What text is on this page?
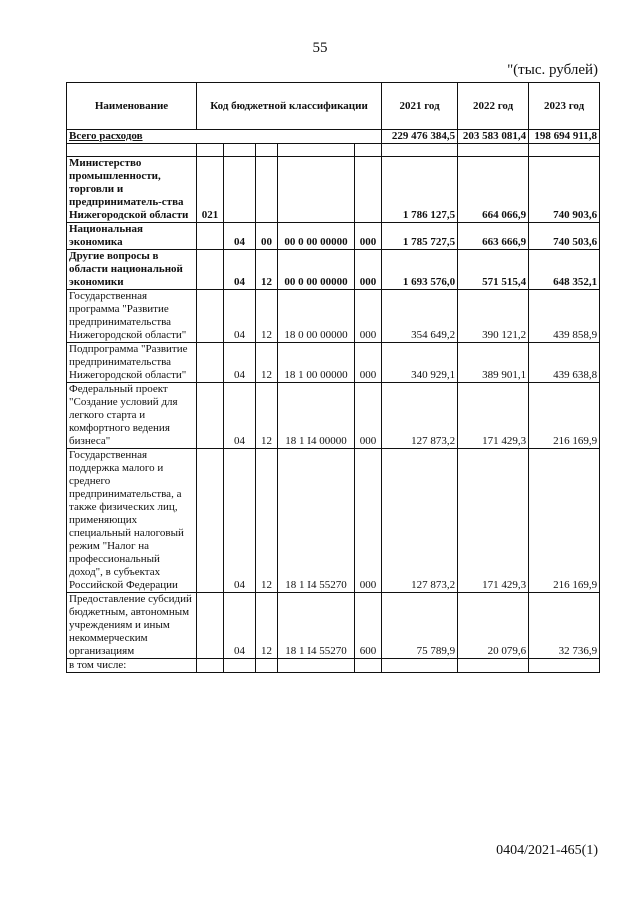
55
"(тыс. рублей)
Наименование	Код бюджетной классификации					2021 год	2022 год	2023 год
Всего расходов						229 476 384,5	203 583 081,4	198 694 911,8

Министерство промышленности, торговли и предприниматель-ства Нижегородской области	021					1 786 127,5	664 066,9	740 903,6
Национальная экономика		04	00	00 0 00 00000	000	1 785 727,5	663 666,9	740 503,6
Другие вопросы в области национальной экономики		04	12	00 0 00 00000	000	1 693 576,0	571 515,4	648 352,1
Государственная программа "Развитие предпринимательства Нижегородской области"		04	12	18 0 00 00000	000	354 649,2	390 121,2	439 858,9
Подпрограмма "Развитие предпринимательства Нижегородской области"		04	12	18 1 00 00000	000	340 929,1	389 901,1	439 638,8
Федеральный проект "Создание условий для легкого старта и комфортного ведения бизнеса"		04	12	18 1 I4 00000	000	127 873,2	171 429,3	216 169,9
Государственная поддержка малого и среднего предпринимательства, а также физических лиц, применяющих специальный налоговый режим "Налог на профессиональный доход", в субъектах Российской Федерации		04	12	18 1 I4 55270	000	127 873,2	171 429,3	216 169,9
Предоставление субсидий бюджетным, автономным учреждениям и иным некоммерческим организациям		04	12	18 1 I4 55270	600	75 789,9	20 079,6	32 736,9
в том числе:								
0404/2021-465(1)
